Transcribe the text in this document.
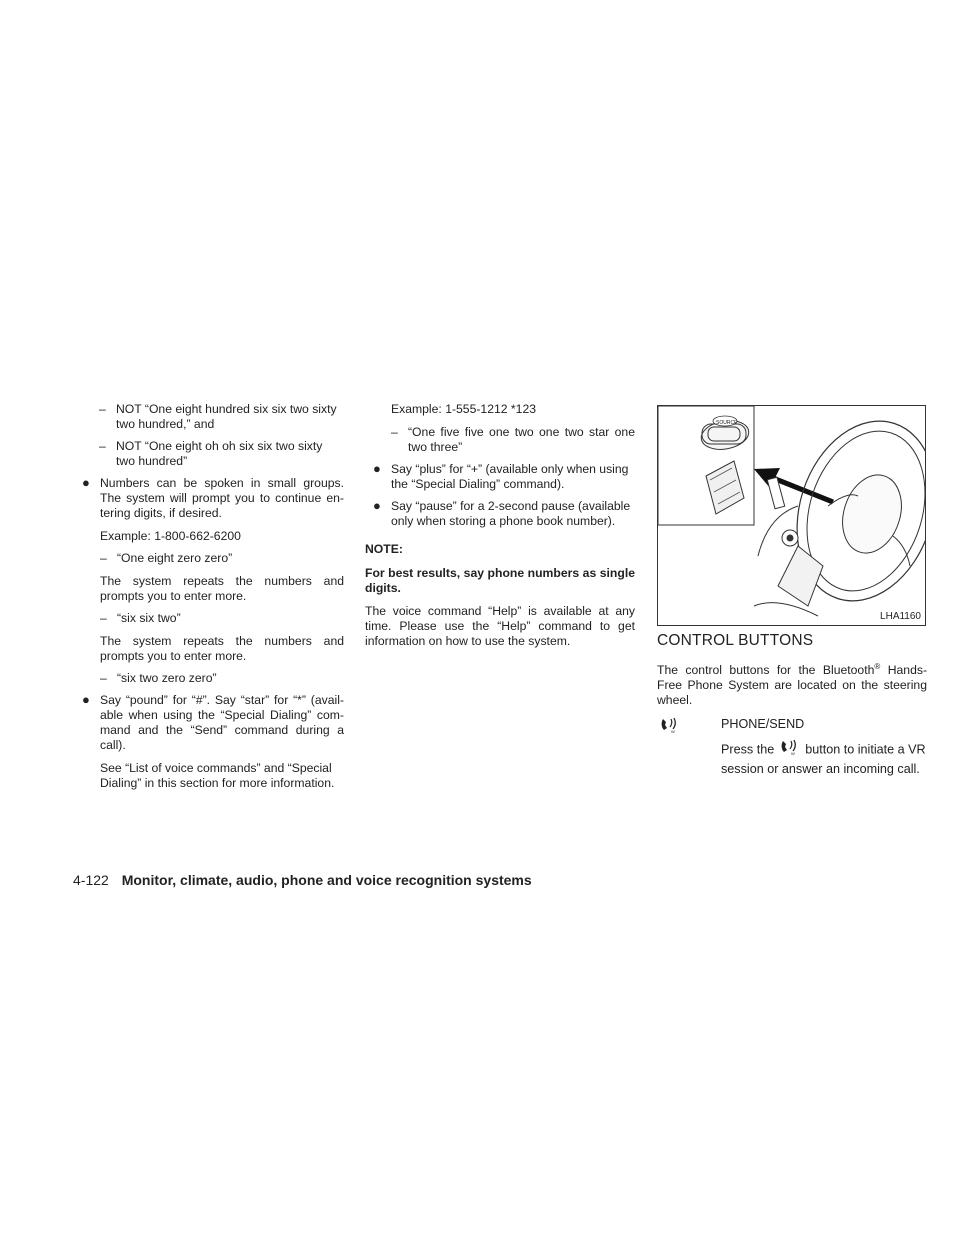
– NOT “One eight hundred six six two sixty two hundred,” and

– NOT “One eight oh oh six six two sixty two hundred”

● Numbers can be spoken in small groups. The system will prompt you to continue en-tering digits, if desired.

Example: 1-800-662-6200

– “One eight zero zero”

The system repeats the numbers and prompts you to enter more.

– “six six two”

The system repeats the numbers and prompts you to enter more.

– “six two zero zero”

● Say “pound” for “#”. Say “star” for “*” (avail-able when using the “Special Dialing” com-mand and the “Send” command during a call).

See “List of voice commands” and “Special Dialing” in this section for more information.

Example: 1-555-1212 *123

– “One five five one two one two star one two three”

● Say “plus” for “+” (available only when using the “Special Dialing” command).

● Say “pause” for a 2-second pause (available only when storing a phone book number).

NOTE:

For best results, say phone numbers as single digits.

The voice command “Help” is available at any time. Please use the “Help” command to get information on how to use the system.

SOURCE
LHA1160

CONTROL BUTTONS

The control buttons for the Bluetooth® Hands-Free Phone System are located on the steering wheel.

W

PHONE/SEND

Press the	W button to initiate a VR session or answer an incoming call.

4-122 Monitor, climate, audio, phone and voice recognition systems
